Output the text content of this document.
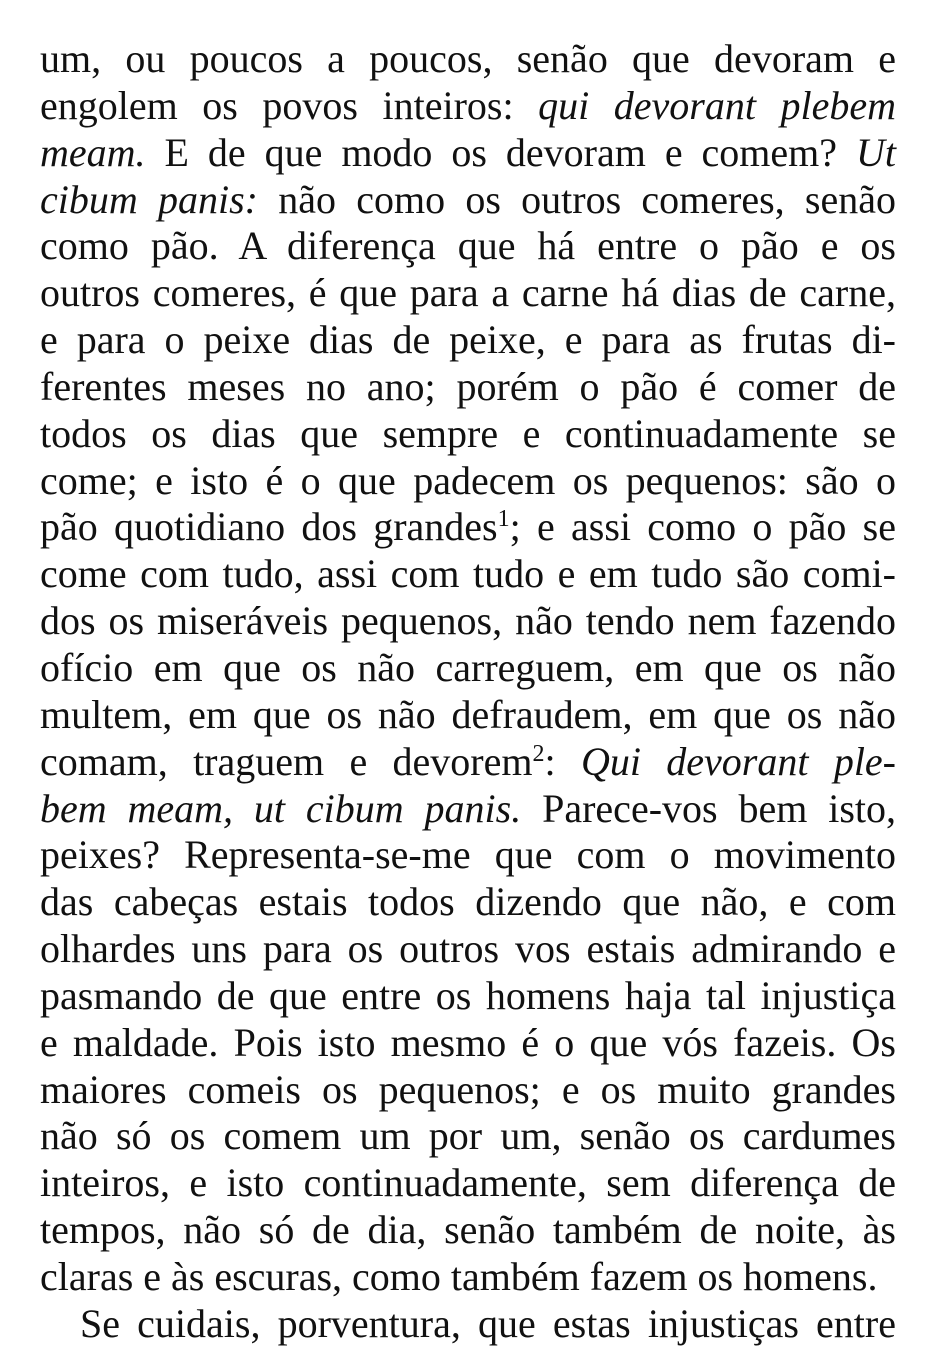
um, ou poucos a poucos, senão que devoram e
engolem os povos inteiros: qui devorant plebem
meam. E de que modo os devoram e comem? Ut
cibum panis: não como os outros comeres, senão
como pão. A diferença que há entre o pão e os
outros comeres, é que para a carne há dias de carne,
e para o peixe dias de peixe, e para as frutas di-
ferentes meses no ano; porém o pão é comer de
todos os dias que sempre e continuadamente se
come; e isto é o que padecem os pequenos: são o
pão quotidiano dos grandes$^1$; e assi como o pão se
come com tudo, assi com tudo e em tudo são comi-
dos os miseráveis pequenos, não tendo nem fazendo
ofício em que os não carreguem, em que os não
multem, em que os não defraudem, em que os não
comam, traguem e devorem$^2$: Qui devorant ple-
bem meam, ut cibum panis. Parece-vos bem isto,
peixes? Representa-se-me que com o movimento
das cabeças estais todos dizendo que não, e com
olhardes uns para os outros vos estais admirando e
pasmando de que entre os homens haja tal injustiça
e maldade. Pois isto mesmo é o que vós fazeis. Os
maiores comeis os pequenos; e os muito grandes
não só os comem um por um, senão os cardumes
inteiros, e isto continuadamente, sem diferença de
tempos, não só de dia, senão também de noite, às
claras e às escuras, como também fazem os homens.
Se cuidais, porventura, que estas injustiças entre
